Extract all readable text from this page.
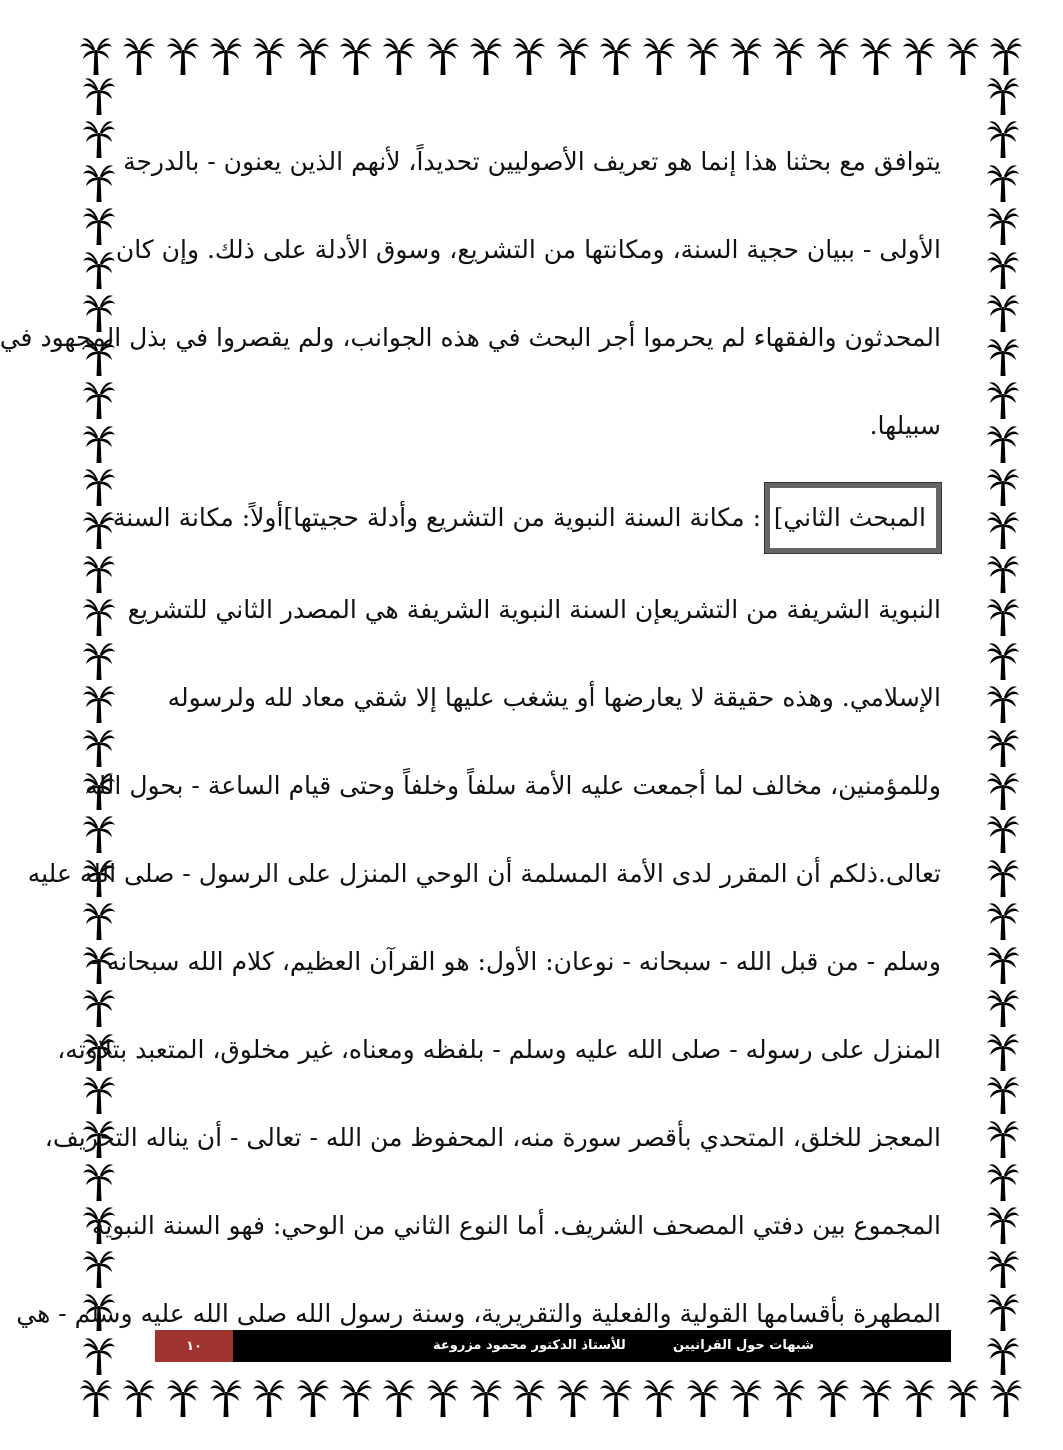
يتوافق مع بحثنا هذا إنما هو تعريف الأصوليين تحديداً، لأنهم الذين يعنون - بالدرجة
الأولى - ببيان حجية السنة، ومكانتها من التشريع، وسوق الأدلة على ذلك. وإن كان
المحدثون والفقهاء لم يحرموا أجر البحث في هذه الجوانب، ولم يقصروا في بذل المجهود في
سبيلها.
المبحث الثاني
]
: مكانة السنة النبوية من التشريع وأدلة حجيتها]أولاً: مكانة السنة
النبوية الشريفة من التشريعإن السنة النبوية الشريفة هي المصدر الثاني للتشريع
الإسلامي. وهذه حقيقة لا يعارضها أو يشغب عليها إلا شقي معاد لله ولرسوله
وللمؤمنين، مخالف لما أجمعت عليه الأمة سلفاً وخلفاً وحتى قيام الساعة - بحول الله
تعالى.ذلكم أن المقرر لدى الأمة المسلمة أن الوحي المنزل على الرسول - صلى الله عليه
وسلم - من قبل الله - سبحانه - نوعان: الأول: هو القرآن العظيم، كلام الله سبحانه -
المنزل على رسوله - صلى الله عليه وسلم - بلفظه ومعناه، غير مخلوق، المتعبد بتلاوته،
المعجز للخلق، المتحدي بأقصر سورة منه، المحفوظ من الله - تعالى - أن يناله التحريف،
المجموع بين دفتي المصحف الشريف. أما النوع الثاني من الوحي: فهو السنة النبوية
المطهرة بأقسامها القولية والفعلية والتقريرية، وسنة رسول الله صلى الله عليه وسلم - هي
١٠	للأستاذ الدكتور محمود مزروعة	شبهات حول القرانيين
